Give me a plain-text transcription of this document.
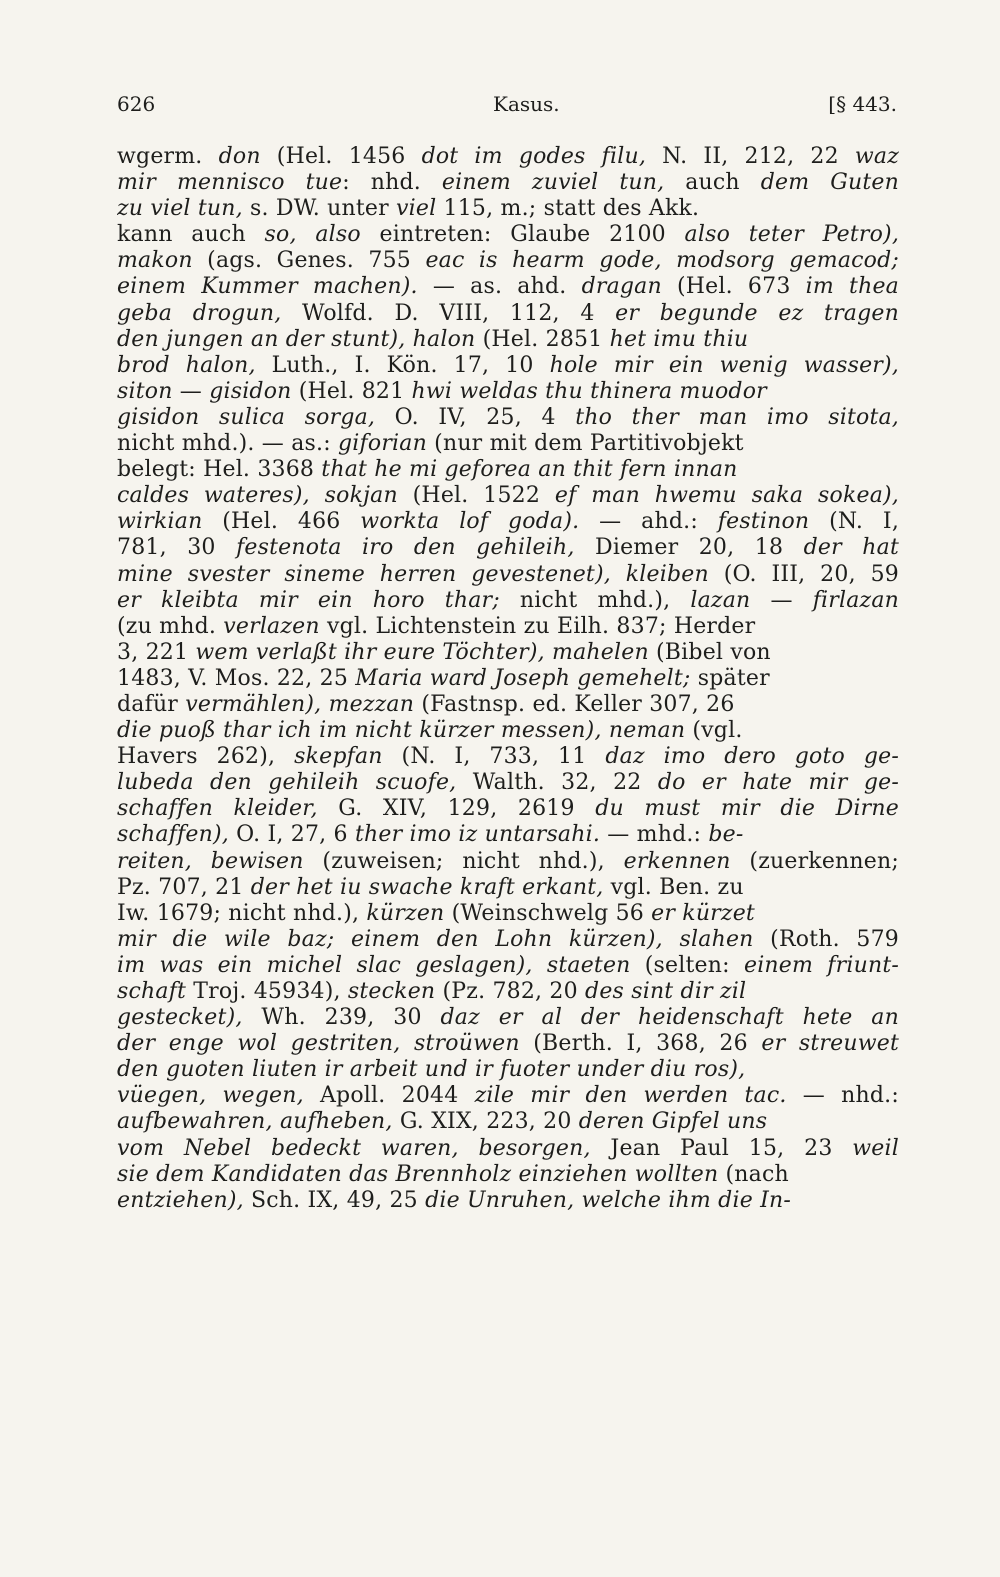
626	Kasus.	[§ 443.
wgerm. don (Hel. 1456 dot im godes filu, N. II, 212, 22 waz
mir mennisco tue: nhd. einem zuviel tun, auch dem Guten
zu viel tun, s. DW. unter viel 115, m.; statt des Akk.
kann auch so, also eintreten: Glaube 2100 also teter Petro),
makon (ags. Genes. 755 eac is hearm gode, modsorg gemacod;
einem Kummer machen). — as. ahd. dragan (Hel. 673 im thea
geba drogun, Wolfd. D. VIII, 112, 4 er begunde ez tragen
den jungen an der stunt), halon (Hel. 2851 het imu thiu
brod halon, Luth., I. Kön. 17, 10 hole mir ein wenig wasser),
siton — gisidon (Hel. 821 hwi weldas thu thinera muodor
gisidon sulica sorga, O. IV, 25, 4 tho ther man imo sitota,
nicht mhd.). — as.: giforian (nur mit dem Partitivobjekt
belegt: Hel. 3368 that he mi geforea an thit fern innan
caldes wateres), sokjan (Hel. 1522 ef man hwemu saka sokea),
wirkian (Hel. 466 workta lof goda). — ahd.: festinon (N. I,
781, 30 festenota iro den gehileih, Diemer 20, 18 der hat
mine svester sineme herren gevestenet), kleiben (O. III, 20, 59
er kleibta mir ein horo thar; nicht mhd.), lazan — firlazan
(zu mhd. verlazen vgl. Lichtenstein zu Eilh. 837; Herder
3, 221 wem verlaßt ihr eure Töchter), mahelen (Bibel von
1483, V. Mos. 22, 25 Maria ward Joseph gemehelt; später
dafür vermählen), mezzan (Fastnsp. ed. Keller 307, 26
die puoß thar ich im nicht kürzer messen), neman (vgl.
Havers 262), skepfan (N. I, 733, 11 daz imo dero goto ge-
lubeda den gehileih scuofe, Walth. 32, 22 do er hate mir ge-
schaffen kleider, G. XIV, 129, 2619 du must mir die Dirne
schaffen), O. I, 27, 6 ther imo iz untarsahi. — mhd.: be-
reiten, bewisen (zuweisen; nicht nhd.), erkennen (zuerkennen;
Pz. 707, 21 der het iu swache kraft erkant, vgl. Ben. zu
Iw. 1679; nicht nhd.), kürzen (Weinschwelg 56 er kürzet
mir die wile baz; einem den Lohn kürzen), slahen (Roth. 579
im was ein michel slac geslagen), staeten (selten: einem friunt-
schaft Troj. 45934), stecken (Pz. 782, 20 des sint dir zil
gestecket), Wh. 239, 30 daz er al der heidenschaft hete an
der enge wol gestriten, stroüwen (Berth. I, 368, 26 er streuwet
den guoten liuten ir arbeit und ir fuoter under diu ros),
vüegen, wegen, Apoll. 2044 zile mir den werden tac. — nhd.:
aufbewahren, aufheben, G. XIX, 223, 20 deren Gipfel uns
vom Nebel bedeckt waren, besorgen, Jean Paul 15, 23 weil
sie dem Kandidaten das Brennholz einziehen wollten (nach
entziehen), Sch. IX, 49, 25 die Unruhen, welche ihm die In-
